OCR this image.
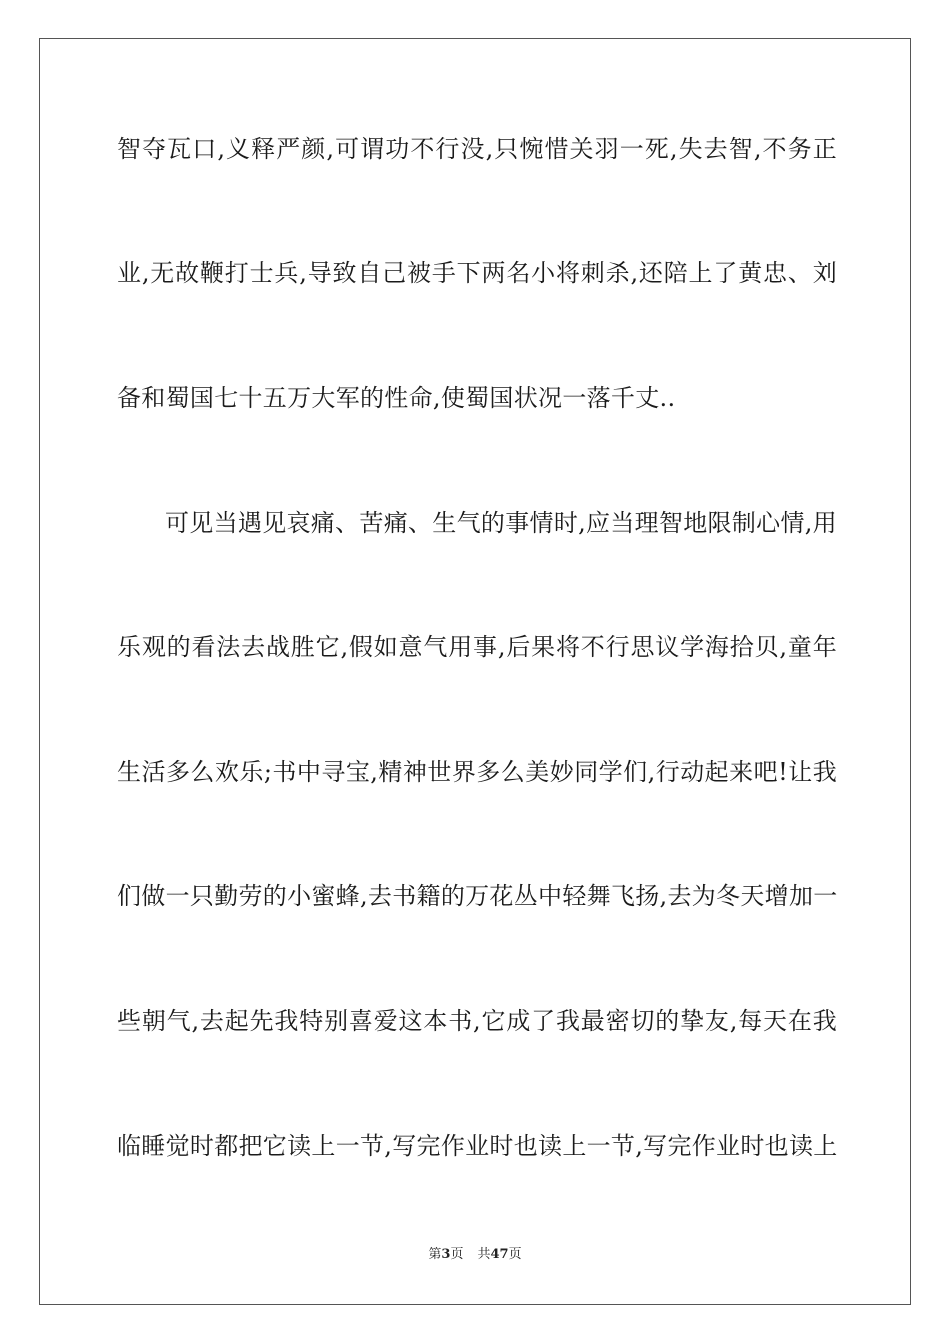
智夺瓦口,义释严颜,可谓功不行没,只惋惜关羽一死,失去智,不务正
业,无故鞭打士兵,导致自己被手下两名小将刺杀,还陪上了黄忠、刘
备和蜀国七十五万大军的性命,使蜀国状况一落千丈..
可见当遇见哀痛、苦痛、生气的事情时,应当理智地限制心情,用
乐观的看法去战胜它,假如意气用事,后果将不行思议学海拾贝,童年
生活多么欢乐;书中寻宝,精神世界多么美妙同学们,行动起来吧!让我
们做一只勤劳的小蜜蜂,去书籍的万花丛中轻舞飞扬,去为冬天增加一
些朝气,去起先我特别喜爱这本书,它成了我最密切的挚友,每天在我
临睡觉时都把它读上一节,写完作业时也读上一节,写完作业时也读上
第3页 共47页
